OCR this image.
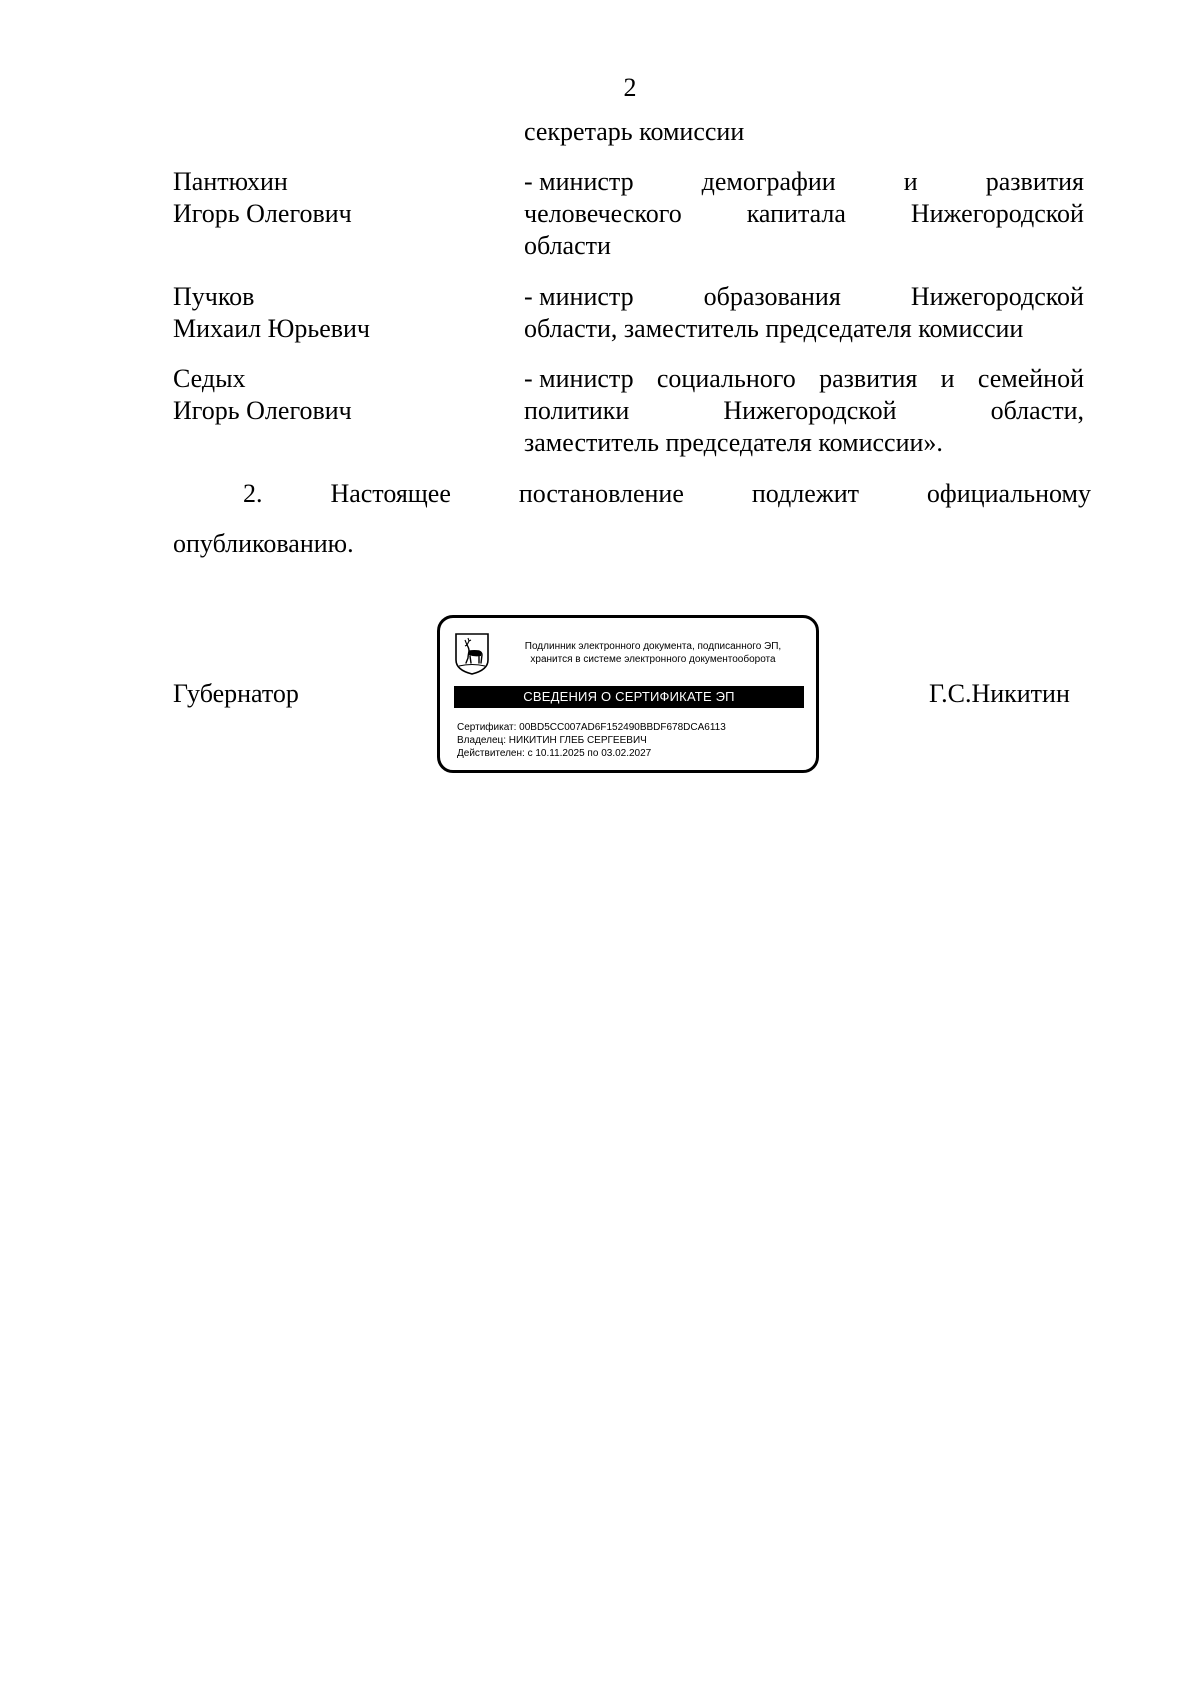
2
секретарь комиссии
Пантюхин
Игорь Олегович
- министр	демографии	и	развития
человеческого капитала Нижегородской
области
Пучков
Михаил Юрьевич
- министр	образования	Нижегородской
области, заместитель председателя комиссии
Седых
Игорь Олегович
- министр социального развития и семейной
политики	Нижегородской	области,
заместитель председателя комиссии».
2.	Настоящее	постановление	подлежит	официальному
опубликованию.
Губернатор	Г.С.Никитин
Подлинник электронного документа, подписанного ЭП,
хранится в системе электронного документооборота
СВЕДЕНИЯ О СЕРТИФИКАТЕ ЭП
Сертификат: 00BD5CC007AD6F152490BBDF678DCA6113
Владелец: НИКИТИН ГЛЕБ СЕРГЕЕВИЧ
Действителен: с 10.11.2025 по 03.02.2027
